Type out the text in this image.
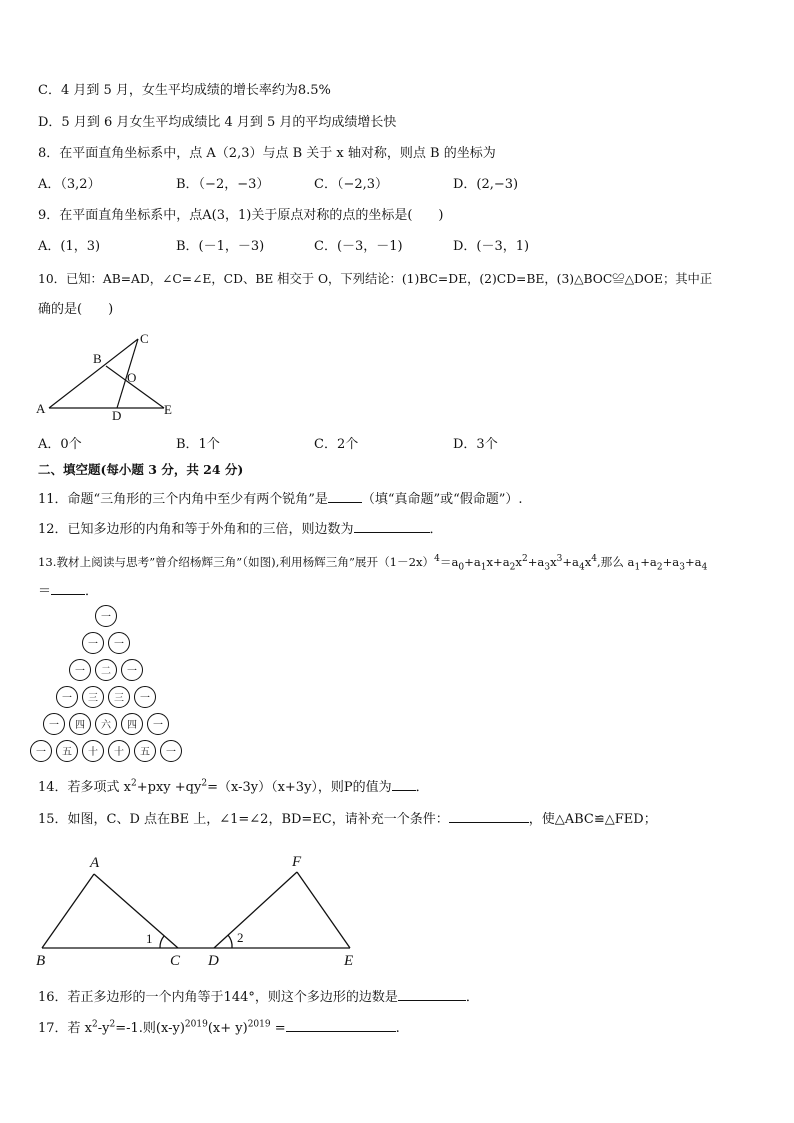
C．4 月到 5 月，女生平均成绩的增长率约为8.5%
D．5 月到 6 月女生平均成绩比 4 月到 5 月的平均成绩增长快
8．在平面直角坐标系中，点 A（2,3）与点 B 关于 x 轴对称，则点 B 的坐标为
A．（3,2）	B．（−2，−3）	C．（−2,3）	D．(2,−3)
9．在平面直角坐标系中，点A(3，1)关于原点对称的点的坐标是(　　)
A．(1，3)	B．(－1，－3)	C．(－3，－1)	D．(－3，1)
10．已知：AB=AD，∠C=∠E，CD、BE 相交于 O，下列结论：(1)BC=DE，(2)CD=BE，(3)△BOC≌△DOE；其中正
确的是(　　)
A
B
C
D	E
O
A．0个	B．1个	C．2个	D．3个
二、填空题(每小题 3 分，共 24 分)
11．命题“三角形的三个内角中至少有两个锐角”是	（填“真命题”或“假命题”）.
12．已知多边形的内角和等于外角和的三倍，则边数为	．
13.教材上阅读与思考”曾介绍杨辉三角”（如图),利用杨辉三角”展开$(1-2x)^4=a_0+a_1x+a_2x^2+a_3x^3+a_4x^4$,那么 $a_1+a_2+a_3+a_4$
＝	．
一
一 一
一 二 一
一 三 三 一
一 四 六 四 一
一 五 十 十 五 一
14．若多项式 $x^2+pxy +qy^2=(x-3y)(x+3y)$，则P的值为 ．
15．如图，C、D 点在BE 上，∠1=∠2，BD=EC，请补充一个条件：	，使△ABC≌△FED；
A
B	C
F
D	E
1	2
16．若正多边形的一个内角等于144°，则这个多边形的边数是	．
17．若 $x^2-y^2=-1$.则$(x-y)^{2019}(x+ y)^{2019}$ =	.
